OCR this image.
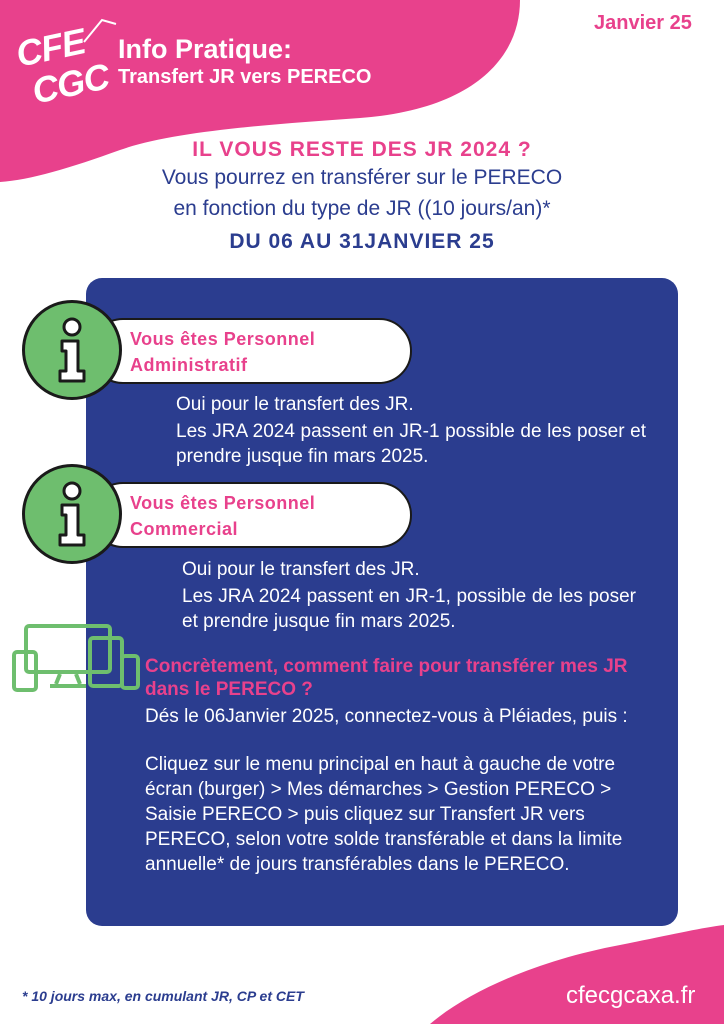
CFE
CGC
Info Pratique:
Transfert JR vers PERECO
Janvier 25
IL VOUS RESTE DES JR 2024 ?
Vous pourrez en transférer sur le PERECO
en fonction du type de JR ((10 jours/an)*
DU 06 AU 31JANVIER 25
Vous êtes Personnel
Administratif
Oui pour le transfert des JR.
Les JRA 2024 passent en JR-1 possible de les poser et prendre jusque fin mars 2025.
Vous êtes Personnel
Commercial
Oui pour le transfert des JR.
Les JRA 2024 passent en JR-1, possible de les poser et prendre jusque fin mars 2025.
Concrètement, comment faire pour transférer mes JR dans le PERECO ?
Dés le 06Janvier 2025, connectez-vous à Pléiades, puis :
Cliquez sur le menu principal en haut à gauche de votre écran (burger) > Mes démarches > Gestion PERECO > Saisie PERECO > puis cliquez sur Transfert JR vers PERECO, selon votre solde transférable et dans la limite annuelle* de jours transférables dans le PERECO.
* 10 jours max, en cumulant JR, CP et CET	cfecgcaxa.fr
